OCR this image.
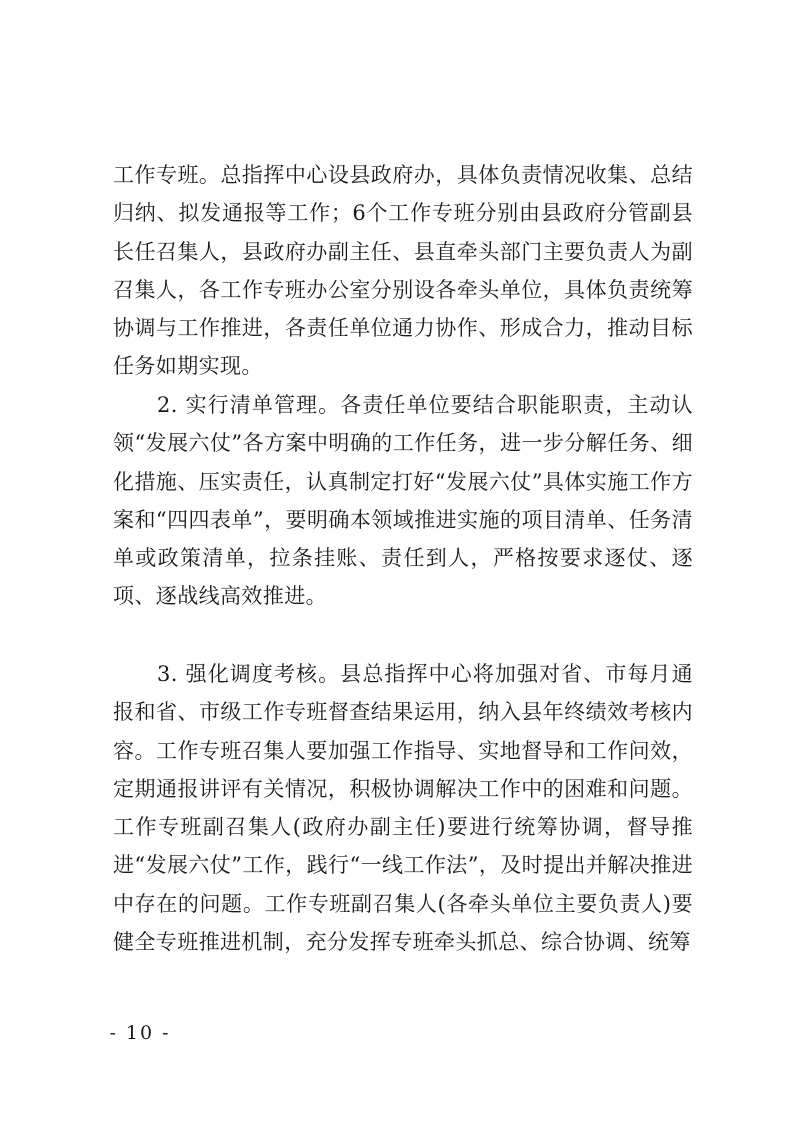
工作专班。总指挥中心设县政府办，具体负责情况收集、总结归纳、拟发通报等工作；6个工作专班分别由县政府分管副县长任召集人，县政府办副主任、县直牵头部门主要负责人为副召集人，各工作专班办公室分别设各牵头单位，具体负责统筹协调与工作推进，各责任单位通力协作、形成合力，推动目标任务如期实现。

2. 实行清单管理。各责任单位要结合职能职责，主动认领“发展六仗”各方案中明确的工作任务，进一步分解任务、细化措施、压实责任，认真制定打好“发展六仗”具体实施工作方案和“四四表单”，要明确本领域推进实施的项目清单、任务清单或政策清单，拉条挂账、责任到人，严格按要求逐仗、逐项、逐战线高效推进。

3. 强化调度考核。县总指挥中心将加强对省、市每月通报和省、市级工作专班督查结果运用，纳入县年终绩效考核内容。工作专班召集人要加强工作指导、实地督导和工作问效，定期通报讲评有关情况，积极协调解决工作中的困难和问题。工作专班副召集人(政府办副主任)要进行统筹协调，督导推进“发展六仗”工作，践行“一线工作法”，及时提出并解决推进中存在的问题。工作专班副召集人(各牵头单位主要负责人)要健全专班推进机制，充分发挥专班牵头抓总、综合协调、统筹

- 10 -
